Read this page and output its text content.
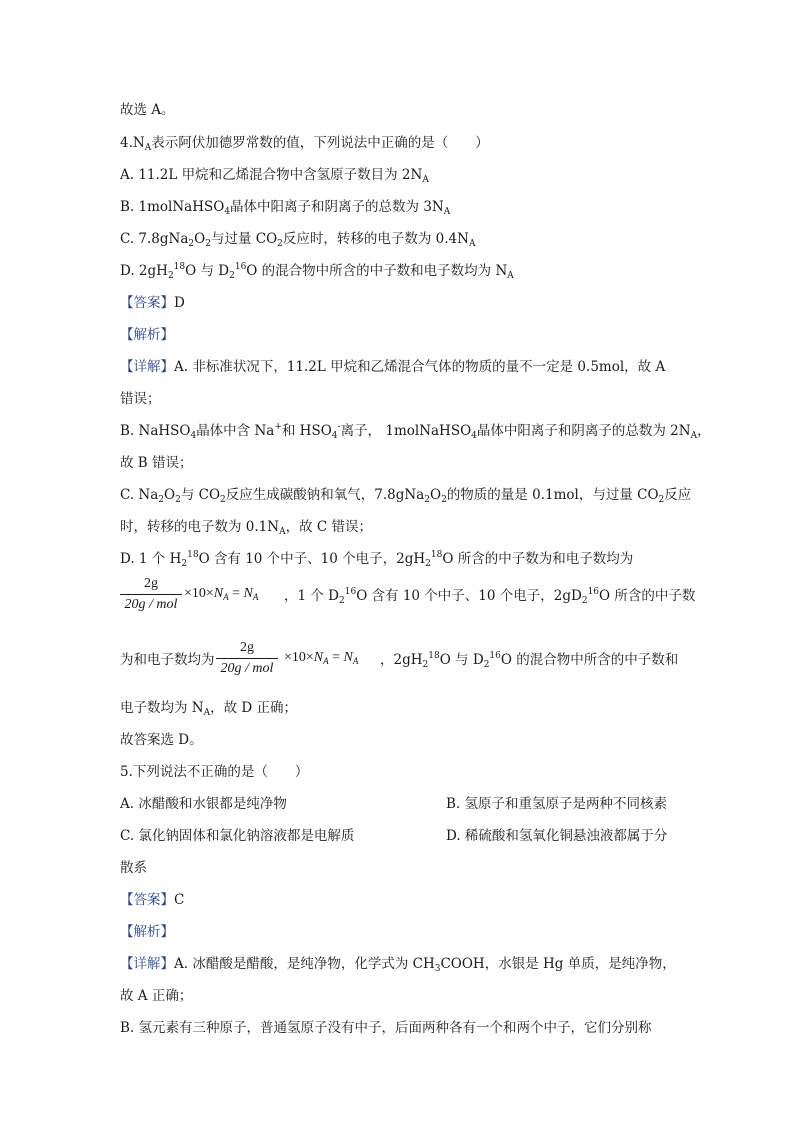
故选 A。
$4.N_A$表示阿伏加德罗常数的值，下列说法中正确的是（　　）
A. 11.2L 甲烷和乙烯混合物中含氢原子数目为 $2N_A$
B. 1molNaHSO$_4$晶体中阳离子和阴离子的总数为 $3N_A$
C. $7.8gNa_2O_2$与过量 $CO_2$反应时，转移的电子数为 $0.4N_A$
D. $2gH_2^{18}O$ 与 $D_2^{16}O$ 的混合物中所含的中子数和电子数均为 $N_A$
【答案】D
【解析】
【详解】A. 非标准状况下，11.2L 甲烷和乙烯混合气体的物质的量不一定是 0.5mol，故 A
错误；
B. NaHSO$_4$晶体中含 Na+和 $HSO_4^-$离子， 1molNaHSO$_4$晶体中阳离子和阴离子的总数为 $2N_A$，
故 B 错误；
C. $Na_2O_2$与 $CO_2$反应生成碳酸钠和氧气，$7.8gNa_2O_2$的物质的量是 0.1mol，与过量 $CO_2$反应
时，转移的电子数为 $0.1N_A$，故 C 错误；
D. 1 个 $H_2^{18}O$ 含有 10 个中子、10 个电子，$2gH_2^{18}O$ 所含的中子数为和电子数均为
2g
20g / mol
$\times 10\times N_A = N_A$ ，1 个 $D_2^{16}O$ 含有 10 个中子、10 个电子，$2gD_2^{16}O$ 所含的中子数
为和电子数均为
2g
20g / mol
$\times 10\times N_A = N_A$ ，$2gH_2^{18}O$ 与 $D_2^{16}O$ 的混合物中所含的中子数和
电子数均为 $N_A$，故 D 正确；
故答案选 D。
5.下列说法不正确的是（　　）
A. 冰醋酸和水银都是纯净物	B. 氢原子和重氢原子是两种不同核素
C. 氯化钠固体和氯化钠溶液都是电解质	D. 稀硫酸和氢氧化铜悬浊液都属于分
散系
【答案】C
【解析】
【详解】A. 冰醋酸是醋酸，是纯净物，化学式为 $CH_3COOH$，水银是 Hg 单质，是纯净物，
故 A 正确；
B. 氢元素有三种原子，普通氢原子没有中子，后面两种各有一个和两个中子，它们分别称
